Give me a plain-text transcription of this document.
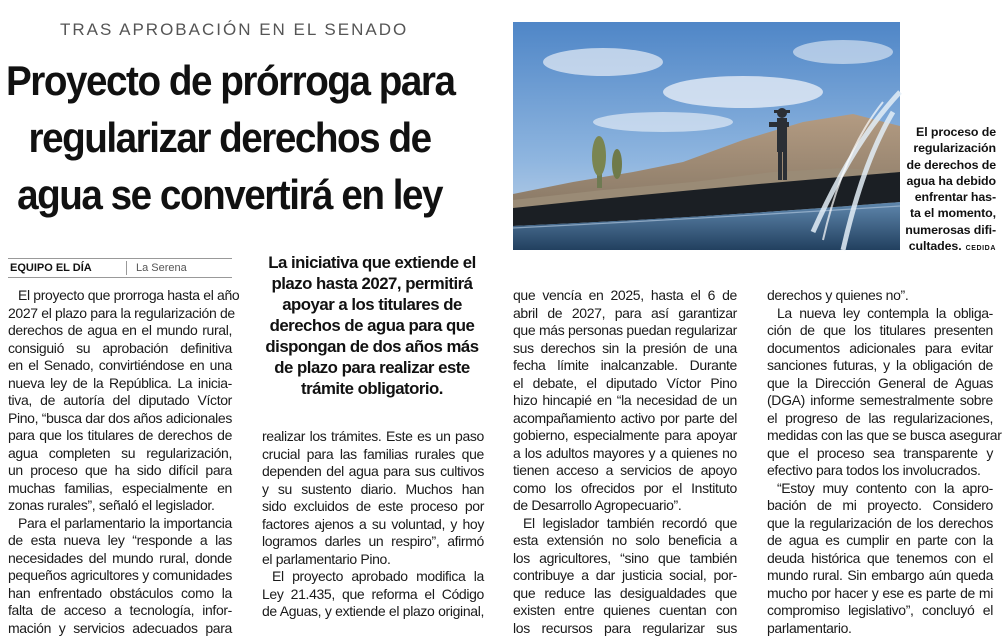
TRAS APROBACIÓN EN EL SENADO
Proyecto de prórroga para
regularizar derechos de
agua se convertirá en ley
El proceso de
regularización
de derechos de
agua ha debido
enfrentar has-
ta el momento,
numerosas difi-
cultades. CEDIDA
EQUIPO EL DÍA	La Serena	La iniciativa que extiende el
plazo hasta 2027, permitirá
apoyar a los titulares de
derechos de agua para que
dispongan de dos años más
de plazo para realizar este
trámite obligatorio.
El proyecto que prorroga hasta el año
2027 el plazo para la regularización de
derechos de agua en el mundo rural,
consiguió su aprobación definitiva
en el Senado, convirtiéndose en una
nueva ley de la República. La inicia-
tiva, de autoría del diputado Víctor
Pino, “busca dar dos años adicionales
para que los titulares de derechos de
agua completen su regularización,
un proceso que ha sido difícil para
muchas familias, especialmente en
zonas rurales”, señaló el legislador.
Para el parlamentario la importancia
de esta nueva ley “responde a las
necesidades del mundo rural, donde
pequeños agricultores y comunidades
han enfrentado obstáculos como la
falta de acceso a tecnología, infor-
mación y servicios adecuados para
realizar los trámites. Este es un paso
crucial para las familias rurales que
dependen del agua para sus cultivos
y su sustento diario. Muchos han
sido excluidos de este proceso por
factores ajenos a su voluntad, y hoy
logramos darles un respiro”, afirmó
el parlamentario Pino.
El proyecto aprobado modifica la
Ley 21.435, que reforma el Código
de Aguas, y extiende el plazo original,
que vencía en 2025, hasta el 6 de
abril de 2027, para así garantizar
que más personas puedan regularizar
sus derechos sin la presión de una
fecha límite inalcanzable. Durante
el debate, el diputado Víctor Pino
hizo hincapié en “la necesidad de un
acompañamiento activo por parte del
gobierno, especialmente para apoyar
a los adultos mayores y a quienes no
tienen acceso a servicios de apoyo
como los ofrecidos por el Instituto
de Desarrollo Agropecuario”.
El legislador también recordó que
esta extensión no solo beneficia a
los agricultores, “sino que también
contribuye a dar justicia social, por-
que reduce las desigualdades que
existen entre quienes cuentan con
los recursos para regularizar sus
derechos y quienes no”.
La nueva ley contempla la obliga-
ción de que los titulares presenten
documentos adicionales para evitar
sanciones futuras, y la obligación de
que la Dirección General de Aguas
(DGA) informe semestralmente sobre
el progreso de las regularizaciones,
medidas con las que se busca asegurar
que el proceso sea transparente y
efectivo para todos los involucrados.
“Estoy muy contento con la apro-
bación de mi proyecto. Considero
que la regularización de los derechos
de agua es cumplir en parte con la
deuda histórica que tenemos con el
mundo rural. Sin embargo aún queda
mucho por hacer y ese es parte de mi
compromiso legislativo”, concluyó el
parlamentario.
